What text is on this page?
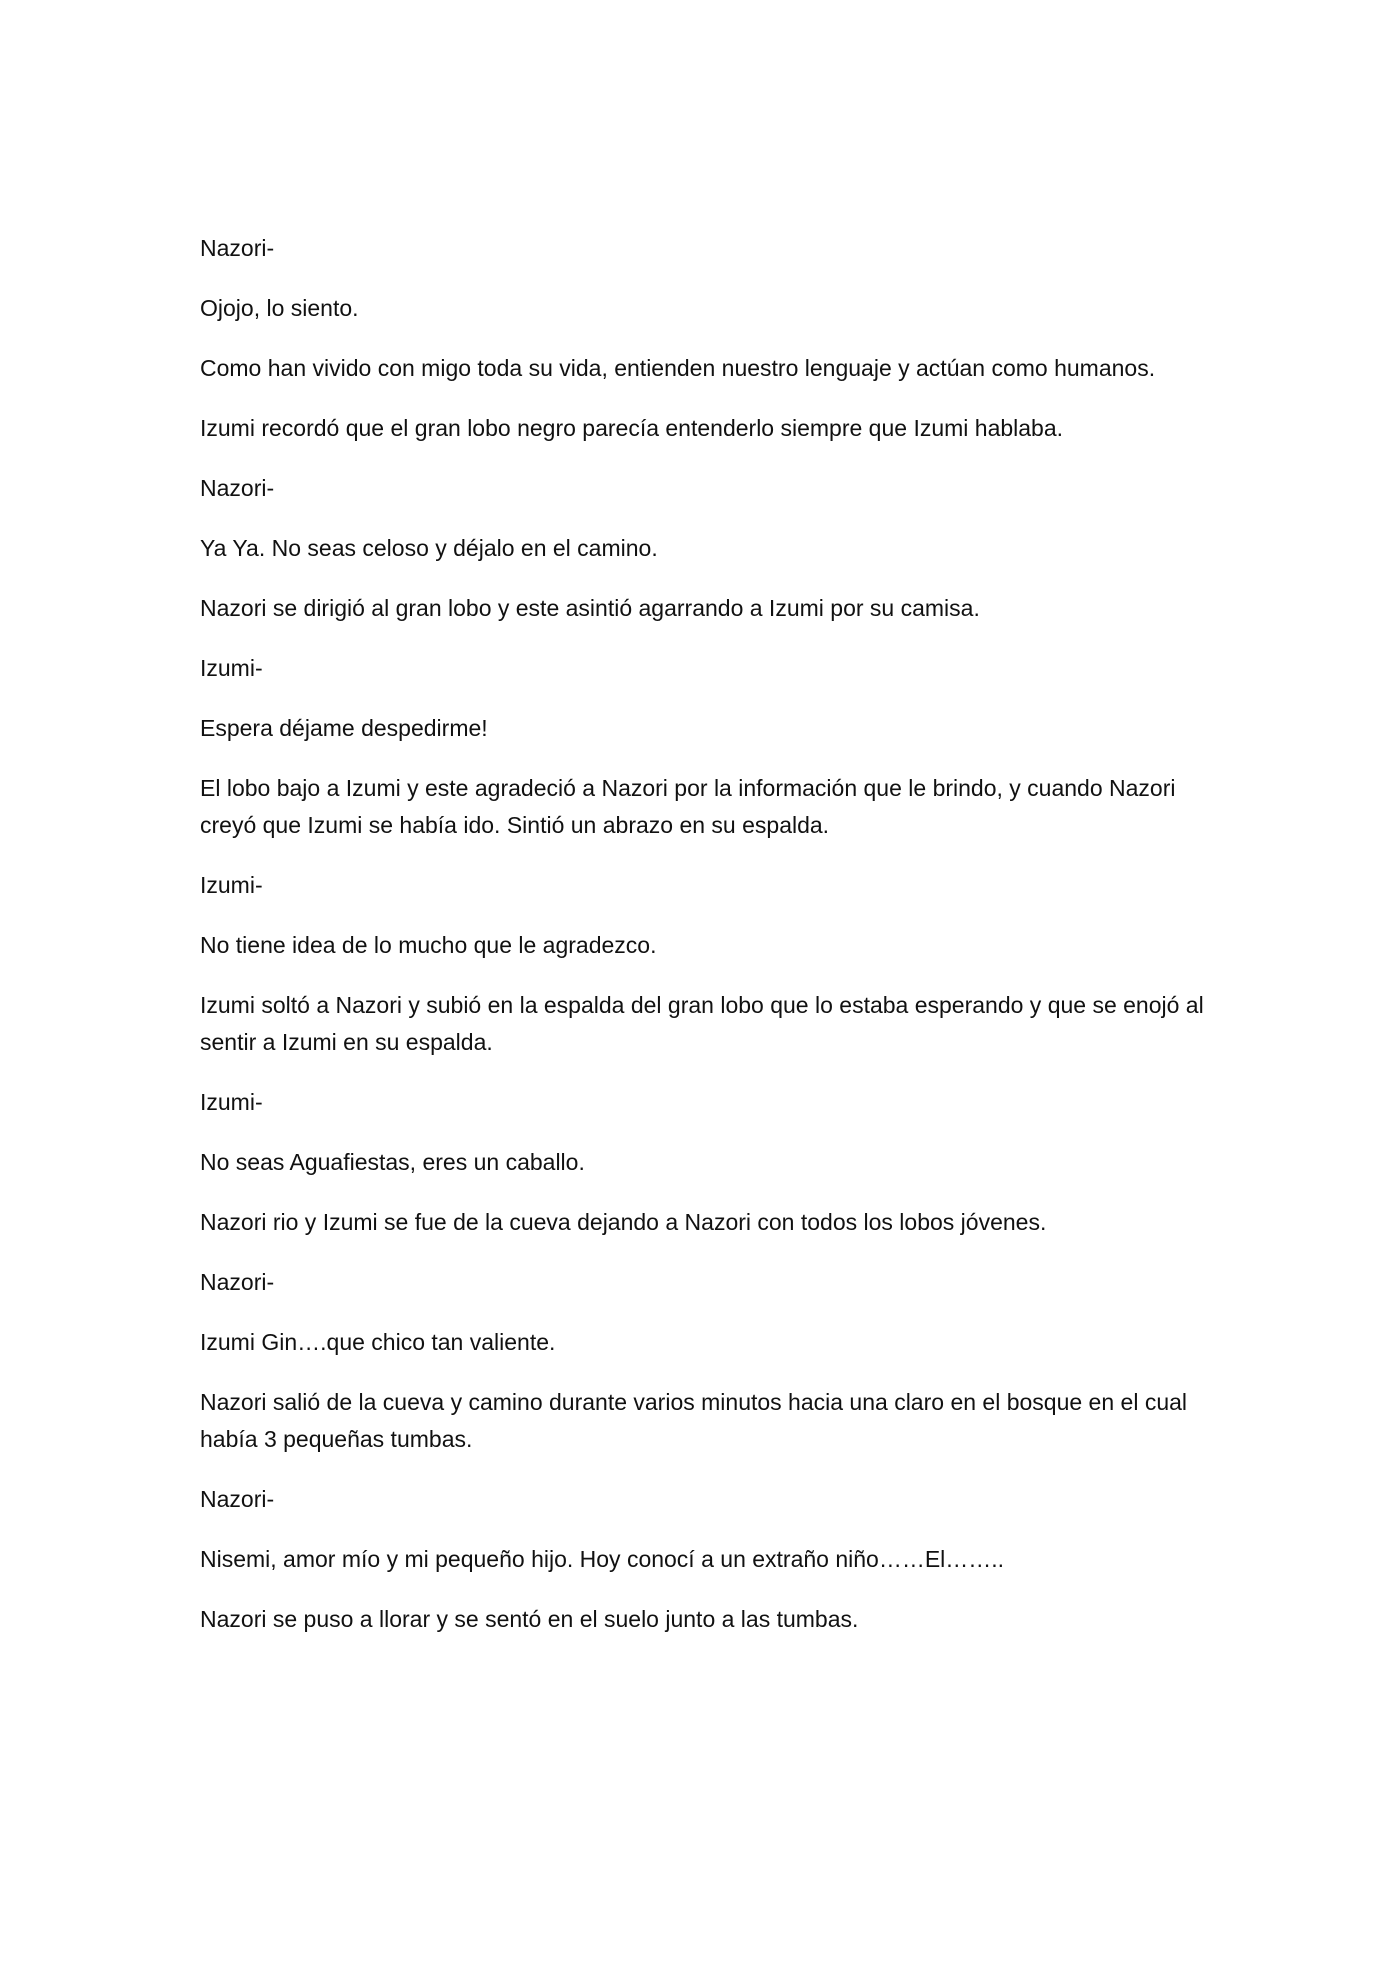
Nazori-

Ojojo, lo siento.

Como han vivido con migo toda su vida, entienden nuestro lenguaje y actúan como humanos.

Izumi recordó que el gran lobo negro parecía entenderlo siempre que Izumi hablaba.

Nazori-

Ya Ya. No seas celoso y déjalo en el camino.

Nazori se dirigió al gran lobo y este asintió agarrando a Izumi por su camisa.

Izumi-

Espera déjame despedirme!

El lobo bajo a Izumi y este agradeció a Nazori por la información que le brindo, y cuando Nazori creyó que Izumi se había ido. Sintió un abrazo en su espalda.

Izumi-

No tiene idea de lo mucho que le agradezco.

Izumi soltó a Nazori y subió en la espalda del gran lobo que lo estaba esperando y que se enojó al sentir a Izumi en su espalda.

Izumi-

No seas Aguafiestas, eres un caballo.

Nazori rio y Izumi se fue de la cueva dejando a Nazori con todos los lobos jóvenes.

Nazori-

Izumi Gin….que chico tan valiente.

Nazori salió de la cueva y camino durante varios minutos hacia una claro en el bosque en el cual había 3 pequeñas tumbas.

Nazori-

Nisemi, amor mío y mi pequeño hijo. Hoy conocí a un extraño niño……El……..

Nazori se puso a llorar y se sentó en el suelo junto a las tumbas.
